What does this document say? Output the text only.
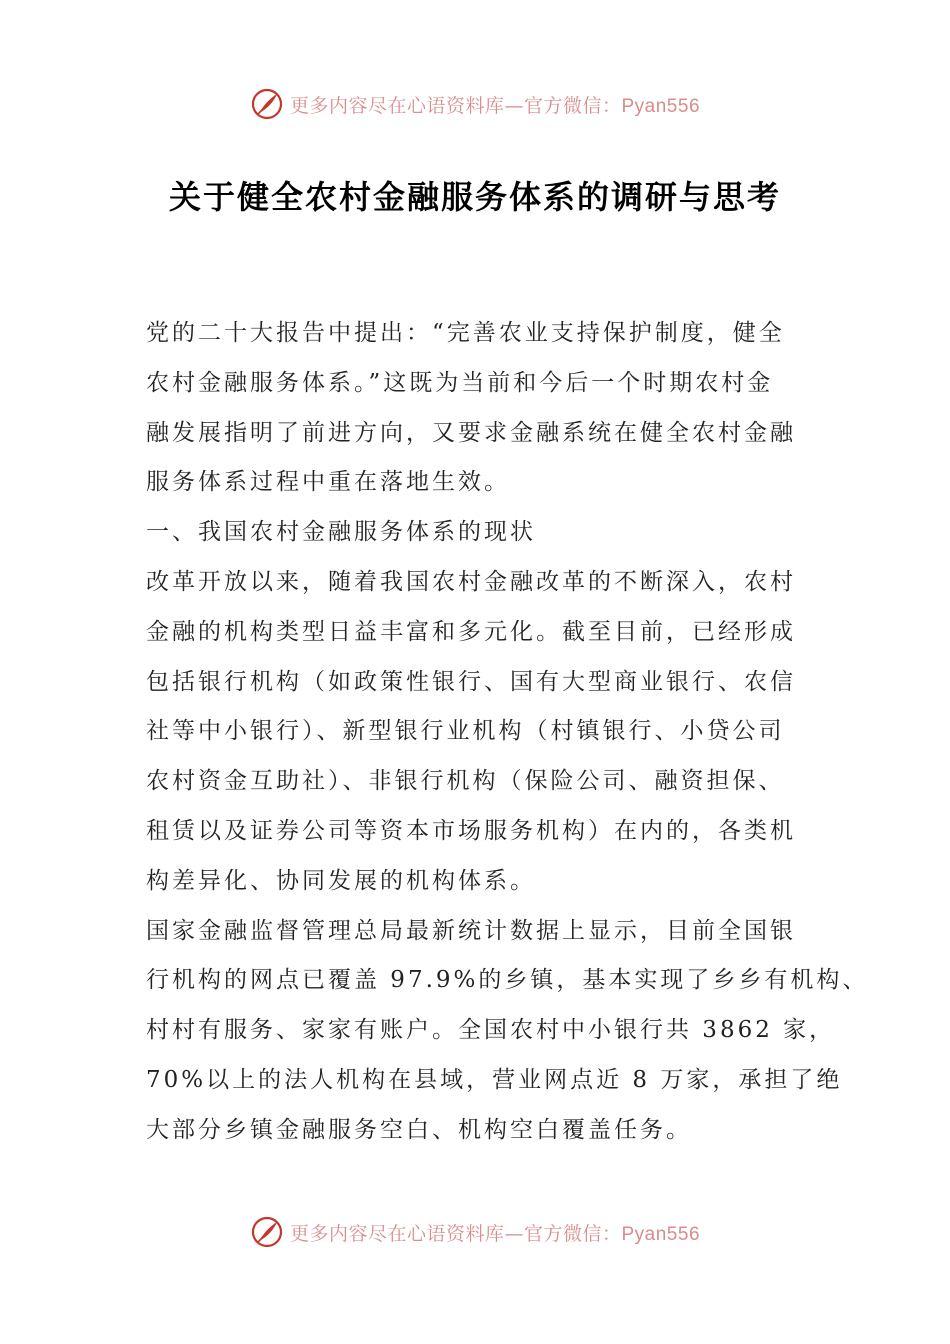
更多内容尽在心语资料库—官方微信：Pyan556
关于健全农村金融服务体系的调研与思考
党的二十大报告中提出：“完善农业支持保护制度，健全
农村金融服务体系。”这既为当前和今后一个时期农村金
融发展指明了前进方向，又要求金融系统在健全农村金融
服务体系过程中重在落地生效。
一、我国农村金融服务体系的现状
改革开放以来，随着我国农村金融改革的不断深入，农村
金融的机构类型日益丰富和多元化。截至目前，已经形成
包括银行机构（如政策性银行、国有大型商业银行、农信
社等中小银行）、新型银行业机构（村镇银行、小贷公司
农村资金互助社）、非银行机构（保险公司、融资担保、
租赁以及证券公司等资本市场服务机构）在内的，各类机
构差异化、协同发展的机构体系。
国家金融监督管理总局最新统计数据上显示，目前全国银
行机构的网点已覆盖 97.9%的乡镇，基本实现了乡乡有机构、
村村有服务、家家有账户。全国农村中小银行共 3862 家，
70%以上的法人机构在县域，营业网点近 8 万家，承担了绝
大部分乡镇金融服务空白、机构空白覆盖任务。
更多内容尽在心语资料库—官方微信：Pyan556
